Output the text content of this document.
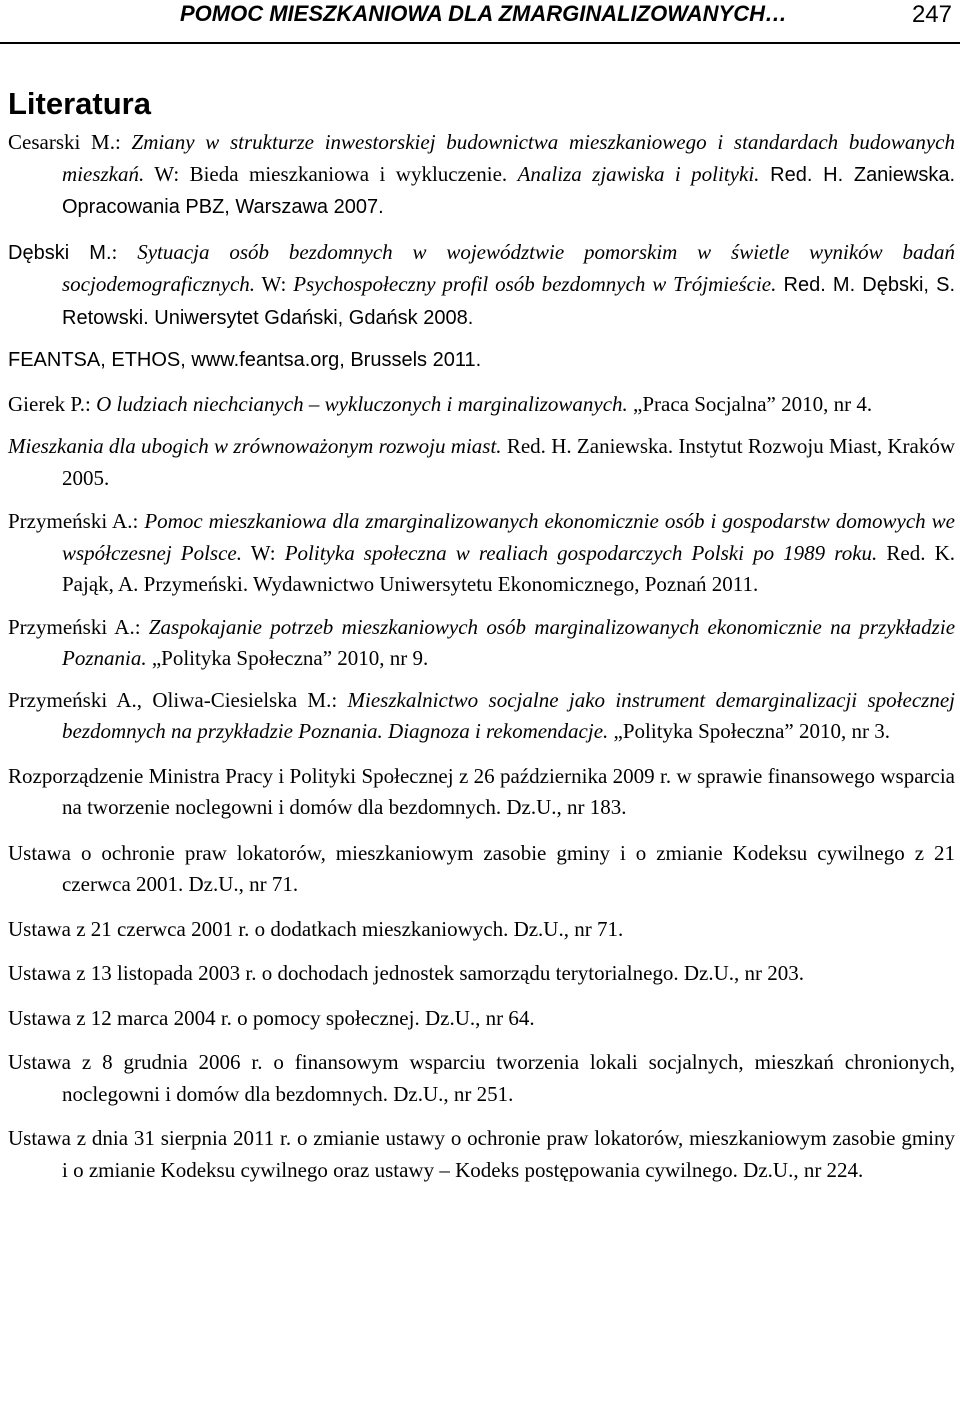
POMOC MIESZKANIOWA DLA ZMARGINALIZOWANYCH…	247
Literatura

Cesarski M.: Zmiany w strukturze inwestorskiej budownictwa mieszkaniowego i standardach budowanych mieszkań. W: Bieda mieszkaniowa i wykluczenie. Analiza zjawiska i polityki. Red. H. Zaniewska. Opracowania PBZ, Warszawa 2007.

Dębski M.: Sytuacja osób bezdomnych w województwie pomorskim w świetle wyników badań socjodemograficznych. W: Psychospołeczny profil osób bezdomnych w Trójmieście. Red. M. Dębski, S. Retowski. Uniwersytet Gdański, Gdańsk 2008.

FEANTSA, ETHOS, www.feantsa.org, Brussels 2011.

Gierek P.: O ludziach niechcianych – wykluczonych i marginalizowanych. „Praca Socjalna” 2010, nr 4.

Mieszkania dla ubogich w zrównoważonym rozwoju miast. Red. H. Zaniewska. Instytut Rozwoju Miast, Kraków 2005.

Przymeński A.: Pomoc mieszkaniowa dla zmarginalizowanych ekonomicznie osób i gospodarstw domowych we współczesnej Polsce. W: Polityka społeczna w realiach gospodarczych Polski po 1989 roku. Red. K. Pająk, A. Przymeński. Wydawnictwo Uniwersytetu Ekonomicznego, Poznań 2011.

Przymeński A.: Zaspokajanie potrzeb mieszkaniowych osób marginalizowanych ekonomicznie na przykładzie Poznania. „Polityka Społeczna” 2010, nr 9.

Przymeński A., Oliwa-Ciesielska M.: Mieszkalnictwo socjalne jako instrument demarginalizacji społecznej bezdomnych na przykładzie Poznania. Diagnoza i rekomendacje. „Polityka Społeczna” 2010, nr 3.

Rozporządzenie Ministra Pracy i Polityki Społecznej z 26 października 2009 r. w sprawie finansowego wsparcia na tworzenie noclegowni i domów dla bezdomnych. Dz.U., nr 183.

Ustawa o ochronie praw lokatorów, mieszkaniowym zasobie gminy i o zmianie Kodeksu cywilnego z 21 czerwca 2001. Dz.U., nr 71.

Ustawa z 21 czerwca 2001 r. o dodatkach mieszkaniowych. Dz.U., nr 71.

Ustawa z 13 listopada 2003 r. o dochodach jednostek samorządu terytorialnego. Dz.U., nr 203.

Ustawa z 12 marca 2004 r. o pomocy społecznej. Dz.U., nr 64.

Ustawa z 8 grudnia 2006 r. o finansowym wsparciu tworzenia lokali socjalnych, mieszkań chronionych, noclegowni i domów dla bezdomnych. Dz.U., nr 251.

Ustawa z dnia 31 sierpnia 2011 r. o zmianie ustawy o ochronie praw lokatorów, mieszkaniowym zasobie gminy i o zmianie Kodeksu cywilnego oraz ustawy – Kodeks postępowania cywilnego. Dz.U., nr 224.
